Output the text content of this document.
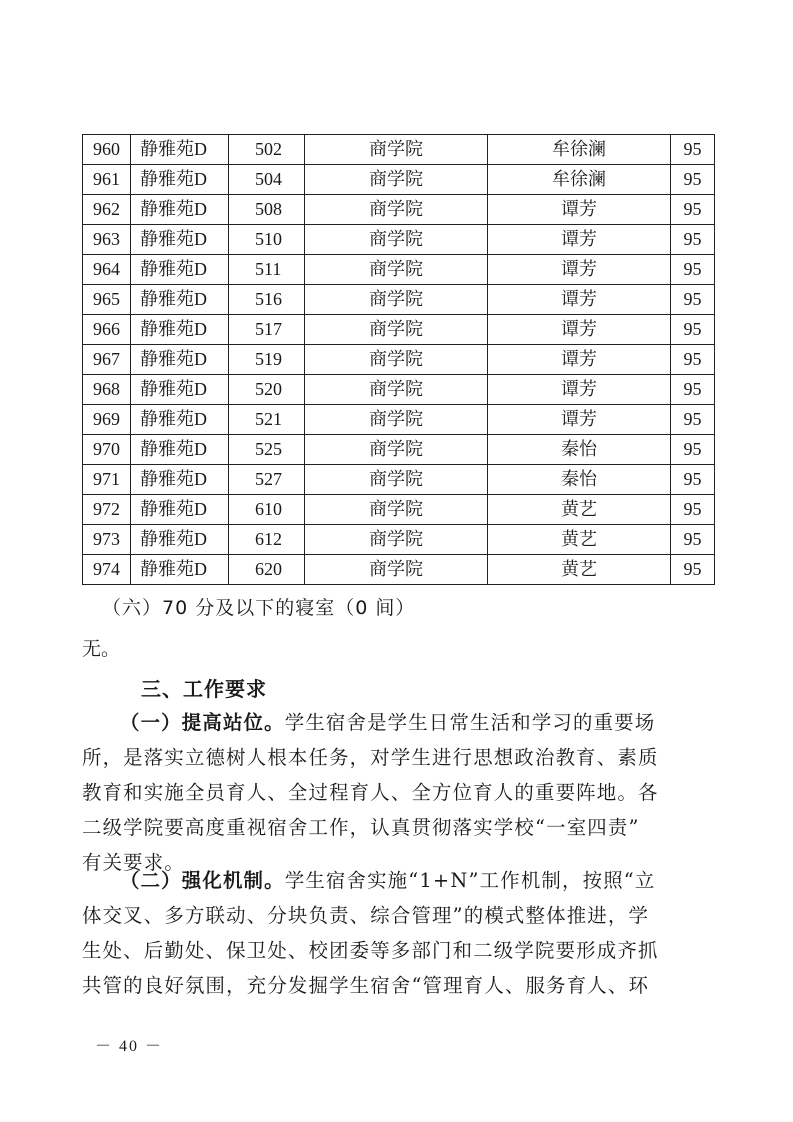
960	静雅苑D	502	商学院	牟徐澜	95
961	静雅苑D	504	商学院	牟徐澜	95
962	静雅苑D	508	商学院	谭芳	95
963	静雅苑D	510	商学院	谭芳	95
964	静雅苑D	511	商学院	谭芳	95
965	静雅苑D	516	商学院	谭芳	95
966	静雅苑D	517	商学院	谭芳	95
967	静雅苑D	519	商学院	谭芳	95
968	静雅苑D	520	商学院	谭芳	95
969	静雅苑D	521	商学院	谭芳	95
970	静雅苑D	525	商学院	秦怡	95
971	静雅苑D	527	商学院	秦怡	95
972	静雅苑D	610	商学院	黄艺	95
973	静雅苑D	612	商学院	黄艺	95
974	静雅苑D	620	商学院	黄艺	95
（六）70 分及以下的寝室（0 间）
无。
三、工作要求
（一）提高站位。学生宿舍是学生日常生活和学习的重要场
所，是落实立德树人根本任务，对学生进行思想政治教育、素质
教育和实施全员育人、全过程育人、全方位育人的重要阵地。各
二级学院要高度重视宿舍工作，认真贯彻落实学校“一室四责”
有关要求。
（二）强化机制。学生宿舍实施“1+N”工作机制，按照“立
体交叉、多方联动、分块负责、综合管理”的模式整体推进，学
生处、后勤处、保卫处、校团委等多部门和二级学院要形成齐抓
共管的良好氛围，充分发掘学生宿舍“管理育人、服务育人、环
－ 40 －
